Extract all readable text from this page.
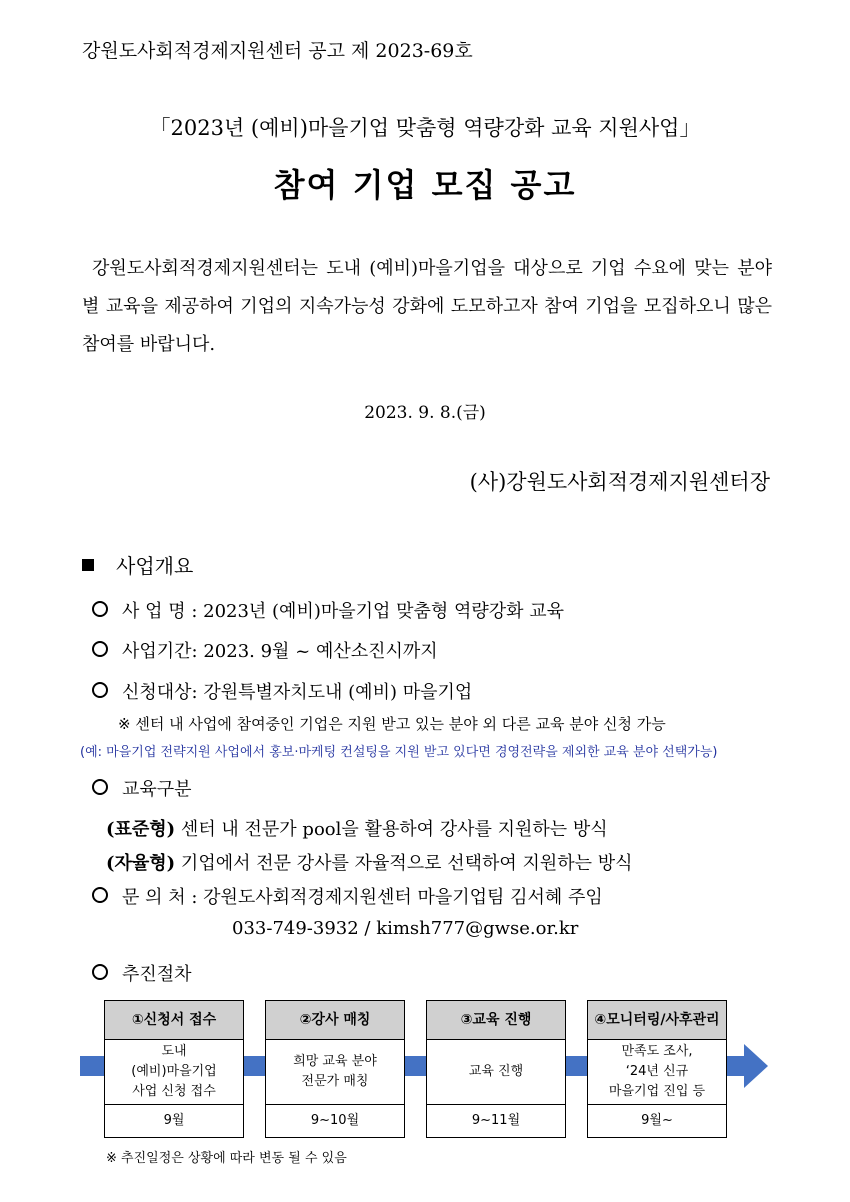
강원도사회적경제지원센터 공고 제 2023-69호
「2023년 (예비)마을기업 맞춤형 역량강화 교육 지원사업」
참여 기업 모집 공고
강원도사회적경제지원센터는 도내 (예비)마을기업을 대상으로 기업 수요에 맞는 분야별 교육을 제공하여 기업의 지속가능성 강화에 도모하고자 참여 기업을 모집하오니 많은 참여를 바랍니다.
2023. 9. 8.(금)
(사)강원도사회적경제지원센터장
사업개요
사 업 명 : 2023년 (예비)마을기업 맞춤형 역량강화 교육
사업기간: 2023. 9월 ~ 예산소진시까지
신청대상: 강원특별자치도내 (예비) 마을기업
※ 센터 내 사업에 참여중인 기업은 지원 받고 있는 분야 외 다른 교육 분야 신청 가능
(예: 마을기업 전략지원 사업에서 홍보·마케팅 컨설팅을 지원 받고 있다면 경영전략을 제외한 교육 분야 선택가능)
교육구분
(표준형) 센터 내 전문가 pool을 활용하여 강사를 지원하는 방식
(자율형) 기업에서 전문 강사를 자율적으로 선택하여 지원하는 방식
문 의 처 : 강원도사회적경제지원센터 마을기업팀 김서혜 주임
033-749-3932 / kimsh777@gwse.or.kr
추진절차
①신청서 접수
도내
(예비)마을기업
사업 신청 접수
9월
②강사 매칭
희망 교육 분야
전문가 매칭
9~10월
③교육 진행
교육 진행
9~11월
④모니터링/사후관리
만족도 조사,
‘24년 신규
마을기업 진입 등
9월~
※ 추진일정은 상황에 따라 변동 될 수 있음
